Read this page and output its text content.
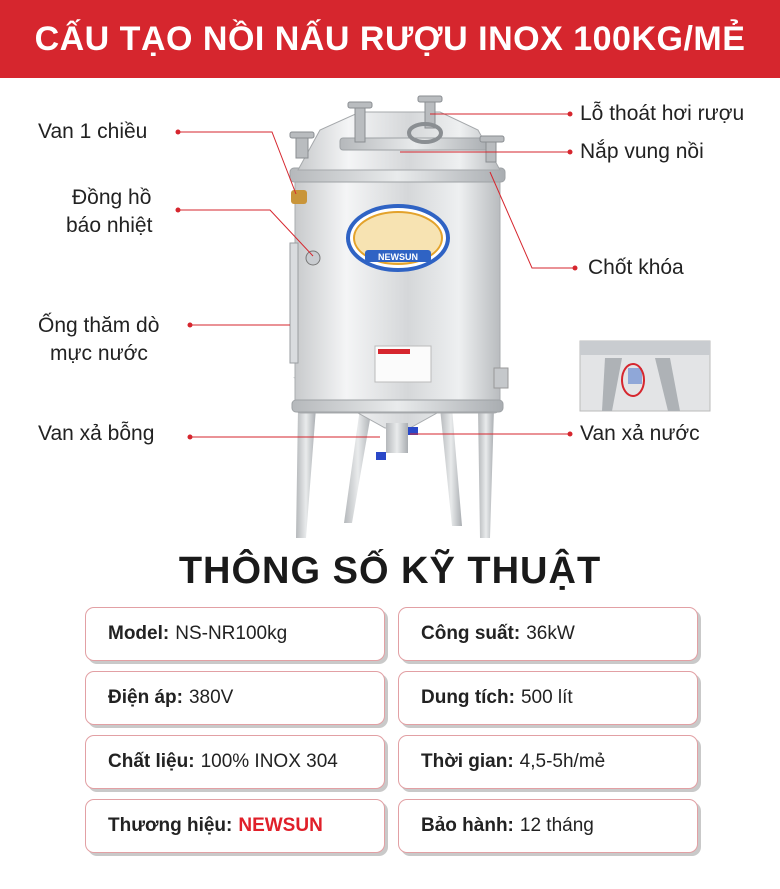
CẤU TẠO NỒI NẤU RƯỢU INOX 100KG/MẺ
NEWSUN
Van 1 chiều
Đồng hồ
báo nhiệt
Ống thăm dò
mực nước
Van xả bỗng
Lỗ thoát hơi rượu
Nắp vung nồi
Chốt khóa
Van xả nước
THÔNG SỐ KỸ THUẬT
Model: NS-NR100kg	Công suất: 36kW
Điện áp: 380V	Dung tích: 500 lít
Chất liệu: 100% INOX 304	Thời gian: 4,5-5h/mẻ
Thương hiệu: NEWSUN	Bảo hành: 12 tháng
